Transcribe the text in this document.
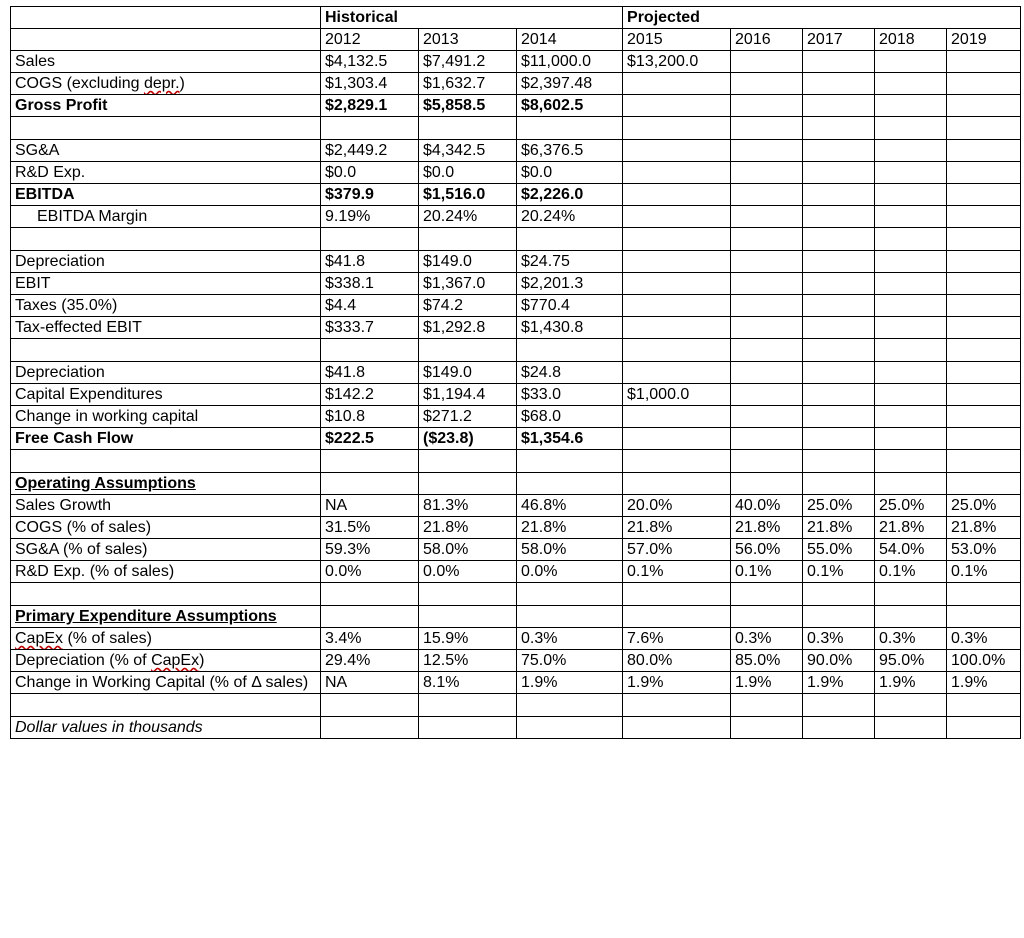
	Historical			Projected				
	2012	2013	2014	2015	2016	2017	2018	2019
Sales	$4,132.5	$7,491.2	$11,000.0	$13,200.0				
COGS (excluding depr.)	$1,303.4	$1,632.7	$2,397.48					
Gross Profit	$2,829.1	$5,858.5	$8,602.5					

SG&A	$2,449.2	$4,342.5	$6,376.5					
R&D Exp.	$0.0	$0.0	$0.0					
EBITDA	$379.9	$1,516.0	$2,226.0					
EBITDA Margin	9.19%	20.24%	20.24%					

Depreciation	$41.8	$149.0	$24.75					
EBIT	$338.1	$1,367.0	$2,201.3					
Taxes (35.0%)	$4.4	$74.2	$770.4					
Tax-effected EBIT	$333.7	$1,292.8	$1,430.8					

Depreciation	$41.8	$149.0	$24.8					
Capital Expenditures	$142.2	$1,194.4	$33.0	$1,000.0				
Change in working capital	$10.8	$271.2	$68.0					
Free Cash Flow	$222.5	($23.8)	$1,354.6					

Operating Assumptions								
Sales Growth	NA	81.3%	46.8%	20.0%	40.0%	25.0%	25.0%	25.0%
COGS (% of sales)	31.5%	21.8%	21.8%	21.8%	21.8%	21.8%	21.8%	21.8%
SG&A (% of sales)	59.3%	58.0%	58.0%	57.0%	56.0%	55.0%	54.0%	53.0%
R&D Exp. (% of sales)	0.0%	0.0%	0.0%	0.1%	0.1%	0.1%	0.1%	0.1%

Primary Expenditure Assumptions								
CapEx (% of sales)	3.4%	15.9%	0.3%	7.6%	0.3%	0.3%	0.3%	0.3%
Depreciation (% of CapEx)	29.4%	12.5%	75.0%	80.0%	85.0%	90.0%	95.0%	100.0%
Change in Working Capital (% of Δ sales)	NA	8.1%	1.9%	1.9%	1.9%	1.9%	1.9%	1.9%

Dollar values in thousands								
